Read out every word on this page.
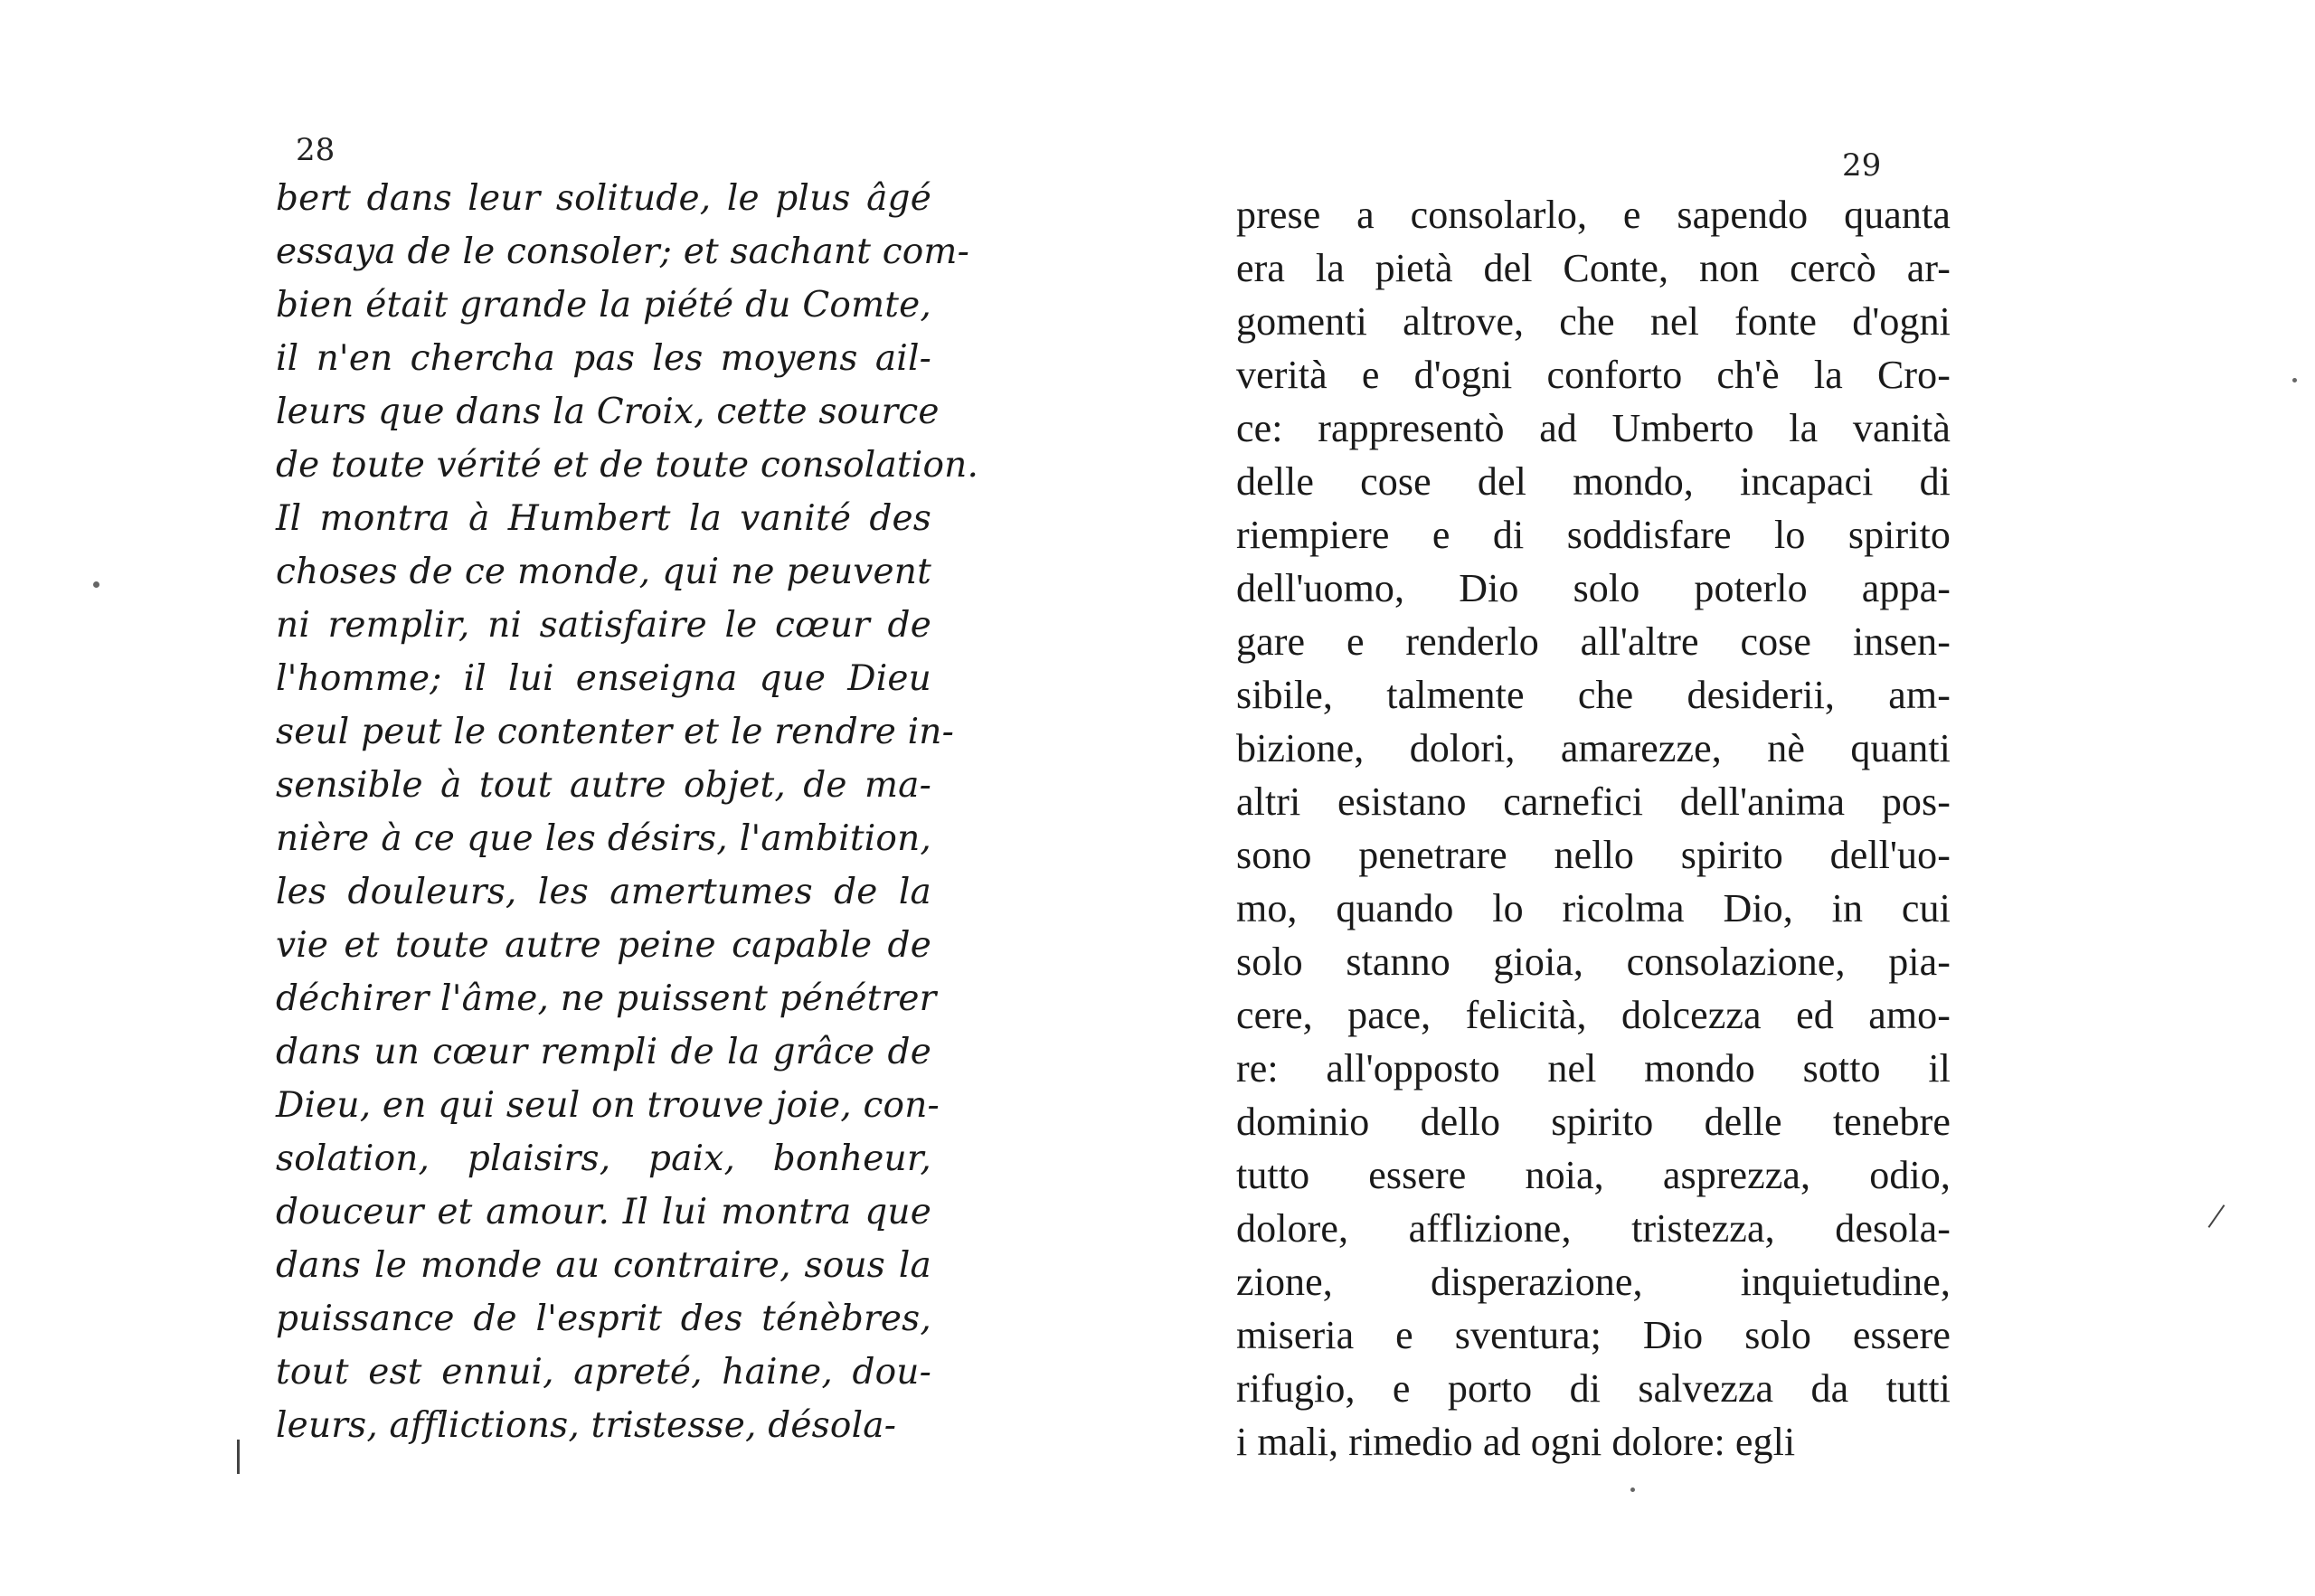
28
bert dans leur solitude, le plus âgé
essaya de le consoler; et sachant com-
bien était grande la piété du Comte,
il n'en chercha pas les moyens ail-
leurs que dans la Croix, cette source
de toute vérité et de toute consolation.
Il montra à Humbert la vanité des
choses de ce monde, qui ne peuvent
ni remplir, ni satisfaire le cœur de
l'homme; il lui enseigna que Dieu
seul peut le contenter et le rendre in-
sensible à tout autre objet, de ma-
nière à ce que les désirs, l'ambition,
les douleurs, les amertumes de la
vie et toute autre peine capable de
déchirer l'âme, ne puissent pénétrer
dans un cœur rempli de la grâce de
Dieu, en qui seul on trouve joie, con-
solation, plaisirs, paix, bonheur,
douceur et amour. Il lui montra que
dans le monde au contraire, sous la
puissance de l'esprit des ténèbres,
tout est ennui, apreté, haine, dou-
leurs, afflictions, tristesse, désola-
29
prese a consolarlo, e sapendo quanta
era la pietà del Conte, non cercò ar-
gomenti altrove, che nel fonte d'ogni
verità e d'ogni conforto ch'è la Cro-
ce: rappresentò ad Umberto la vanità
delle cose del mondo, incapaci di
riempiere e di soddisfare lo spirito
dell'uomo, Dio solo poterlo appa-
gare e renderlo all'altre cose insen-
sibile, talmente che desiderii, am-
bizione, dolori, amarezze, nè quanti
altri esistano carnefici dell'anima pos-
sono penetrare nello spirito dell'uo-
mo, quando lo ricolma Dio, in cui
solo stanno gioia, consolazione, pia-
cere, pace, felicità, dolcezza ed amo-
re: all'opposto nel mondo sotto il
dominio dello spirito delle tenebre
tutto essere noia, asprezza, odio,
dolore, afflizione, tristezza, desola-
zione, disperazione, inquietudine,
miseria e sventura; Dio solo essere
rifugio, e porto di salvezza da tutti
i mali, rimedio ad ogni dolore: egli
